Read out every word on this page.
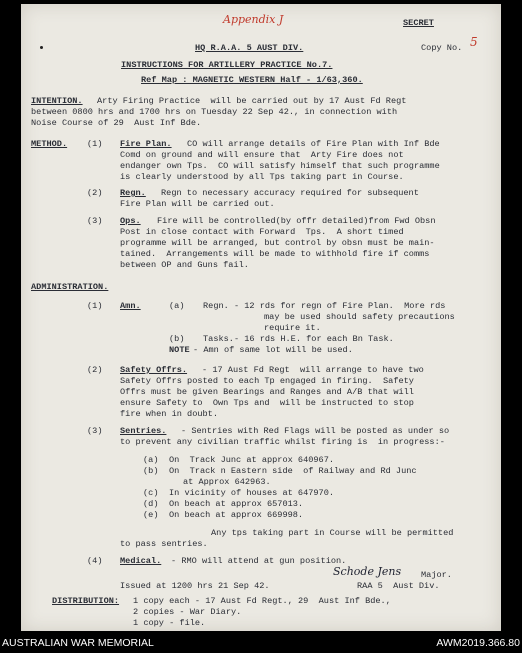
Appendix J	SECRET

Copy No. 5

HQ R.A.A. 5 AUST DIV.

INSTRUCTIONS FOR ARTILLERY PRACTICE No.7.

Ref Map : MAGNETIC WESTERN Half - 1/63,360.

INTENTION. Arty Firing Practice  will be carried out by 17 Aust Fd Regt

between 0800 hrs and 1700 hrs on Tuesday 22 Sep 42., in connection with

Noise Course of 29  Aust Inf Bde.

METHOD. (1) Fire Plan. CO will arrange details of Fire Plan with Inf Bde

Comd on ground and will ensure that  Arty Fire does not

endanger own Tps.  CO will satisfy himself that such programme

is clearly understood by all Tps taking part in Course.

(2) Regn. Regn to necessary accuracy required for subsequent

Fire Plan will be carried out.

(3) Ops. Fire will be controlled(by offr detailed)from Fwd Obsn

Post in close contact with Forward  Tps.  A short timed

programme will be arranged, but control by obsn must be main-

tained.  Arrangements will be made to withhold fire if comms

between OP and Guns fail.

ADMINISTRATION.

(1) Amn.	(a) Regn. - 12 rds for regn of Fire Plan.  More rds

may be used should safety precautions

require it.

(b) Tasks.- 16 rds H.E. for each Bn Task.

NOTE - Amn of same lot will be used.

(2) Safety Offrs. - 17 Aust Fd Regt  will arrange to have two

Safety Offrs posted to each Tp engaged in firing.  Safety

Offrs must be given Bearings and Ranges and A/B that will

ensure Safety to  Own Tps and  will be instructed to stop

fire when in doubt.

(3) Sentries. - Sentries with Red Flags will be posted as under so

to prevent any civilian traffic whilst firing is  in progress:-

(a) On  Track Junc at approx 640967.

(b) On  Track n Eastern side  of Railway and Rd Junc

at Approx 642963.

(c) In vicinity of houses at 647970.

(d) On beach at approx 657013.

(e) On beach at approx 669998.

Any tps taking part in Course will be permitted

to pass sentries.

(4) Medical. - RMO will attend at gun position.

Schode Jens Major.

RAA 5  Aust Div.

Issued at 1200 hrs 21 Sep 42.

DISTRIBUTION: 1 copy each - 17 Aust Fd Regt., 29  Aust Inf Bde.,

2 copies - War Diary.

1 copy - file.

AUSTRALIAN WAR MEMORIAL	AWM2019.366.80
